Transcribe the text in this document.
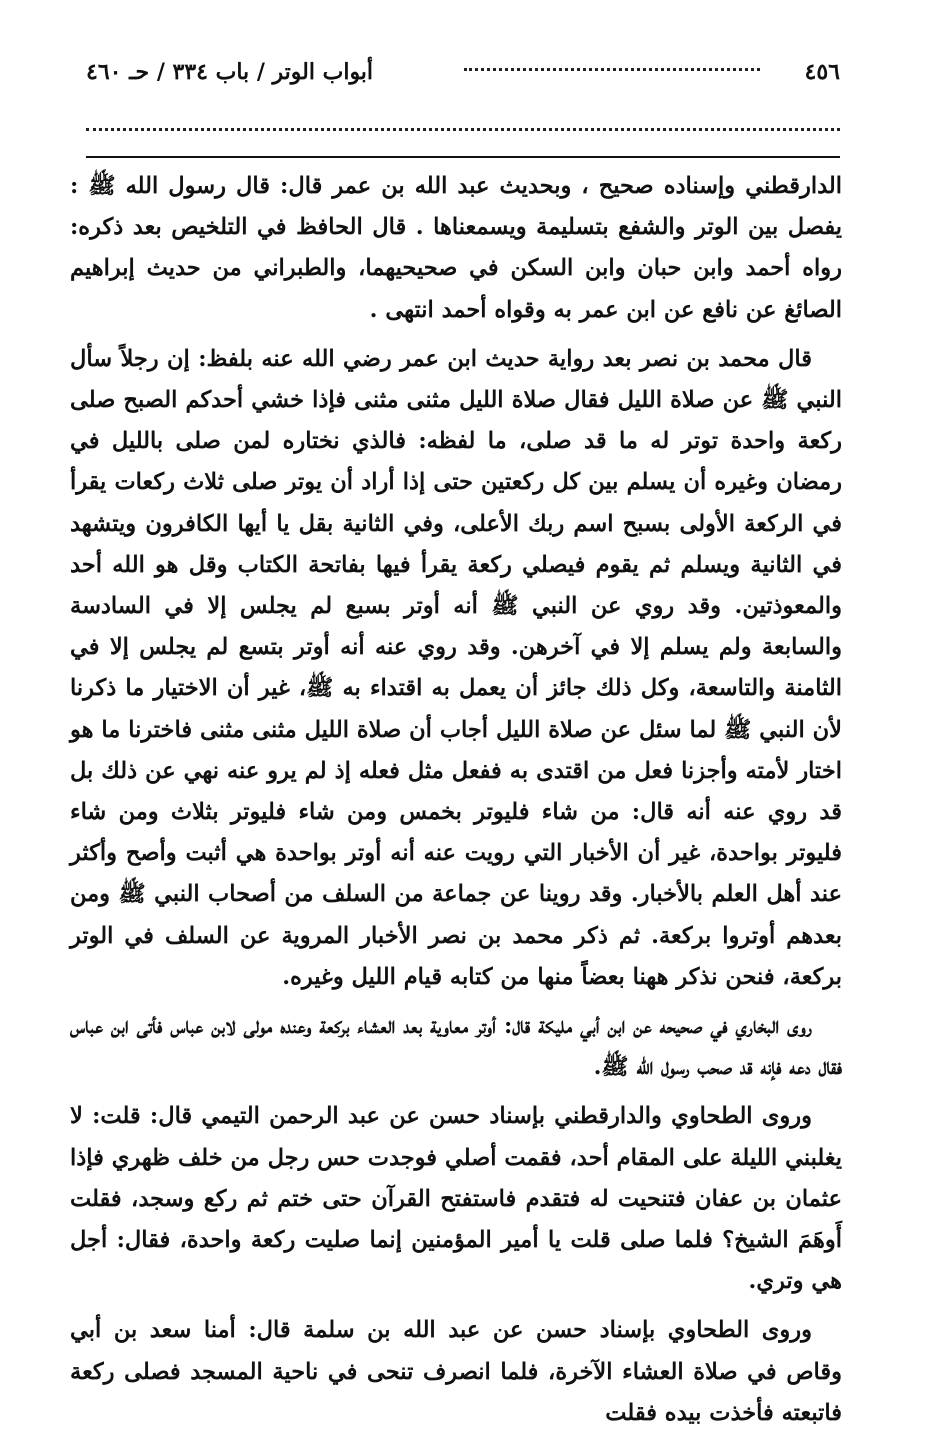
٤٥٦
أبواب الوتر / باب ٣٣٤ / حـ ٤٦٠

الدارقطني وإسناده صحيح ، وبحديث عبد الله بن عمر قال: قال رسول الله ﷺ : يفصل بين الوتر والشفع بتسليمة ويسمعناها . قال الحافظ في التلخيص بعد ذكره: رواه أحمد وابن حبان وابن السكن في صحيحيهما، والطبراني من حديث إبراهيم الصائغ عن نافع عن ابن عمر به وقواه أحمد انتهى .

قال محمد بن نصر بعد رواية حديث ابن عمر رضي الله عنه بلفظ: إن رجلاً سأل النبي ﷺ عن صلاة الليل فقال صلاة الليل مثنى مثنى فإذا خشي أحدكم الصبح صلى ركعة واحدة توتر له ما قد صلى، ما لفظه: فالذي نختاره لمن صلى بالليل في رمضان وغيره أن يسلم بين كل ركعتين حتى إذا أراد أن يوتر صلى ثلاث ركعات يقرأ في الركعة الأولى بسبح اسم ربك الأعلى، وفي الثانية بقل يا أيها الكافرون ويتشهد في الثانية ويسلم ثم يقوم فيصلي ركعة يقرأ فيها بفاتحة الكتاب وقل هو الله أحد والمعوذتين. وقد روي عن النبي ﷺ أنه أوتر بسبع لم يجلس إلا في السادسة والسابعة ولم يسلم إلا في آخرهن. وقد روي عنه أنه أوتر بتسع لم يجلس إلا في الثامنة والتاسعة، وكل ذلك جائز أن يعمل به اقتداء به ﷺ، غير أن الاختيار ما ذكرنا لأن النبي ﷺ لما سئل عن صلاة الليل أجاب أن صلاة الليل مثنى مثنى فاخترنا ما هو اختار لأمته وأجزنا فعل من اقتدى به ففعل مثل فعله إذ لم يرو عنه نهي عن ذلك بل قد روي عنه أنه قال: من شاء فليوتر بخمس ومن شاء فليوتر بثلاث ومن شاء فليوتر بواحدة، غير أن الأخبار التي رويت عنه أنه أوتر بواحدة هي أثبت وأصح وأكثر عند أهل العلم بالأخبار. وقد روينا عن جماعة من السلف من أصحاب النبي ﷺ ومن بعدهم أوتروا بركعة. ثم ذكر محمد بن نصر الأخبار المروية عن السلف في الوتر بركعة، فنحن نذكر ههنا بعضاً منها من كتابه قيام الليل وغيره.

روى البخاري في صحيحه عن ابن أبي مليكة قال: أوتر معاوية بعد العشاء بركعة وعنده مولى لابن عباس فأتى ابن عباس فقال دعه فإنه قد صحب رسول الله ﷺ.

وروى الطحاوي والدارقطني بإسناد حسن عن عبد الرحمن التيمي قال: قلت: لا يغلبني الليلة على المقام أحد، فقمت أصلي فوجدت حس رجل من خلف ظهري فإذا عثمان بن عفان فتنحيت له فتقدم فاستفتح القرآن حتى ختم ثم ركع وسجد، فقلت أَوهَمَ الشيخ؟ فلما صلى قلت يا أمير المؤمنين إنما صليت ركعة واحدة، فقال: أجل هي وتري.

وروى الطحاوي بإسناد حسن عن عبد الله بن سلمة قال: أمنا سعد بن أبي وقاص في صلاة العشاء الآخرة، فلما انصرف تنحى في ناحية المسجد فصلى ركعة فاتبعته فأخذت بيده فقلت
